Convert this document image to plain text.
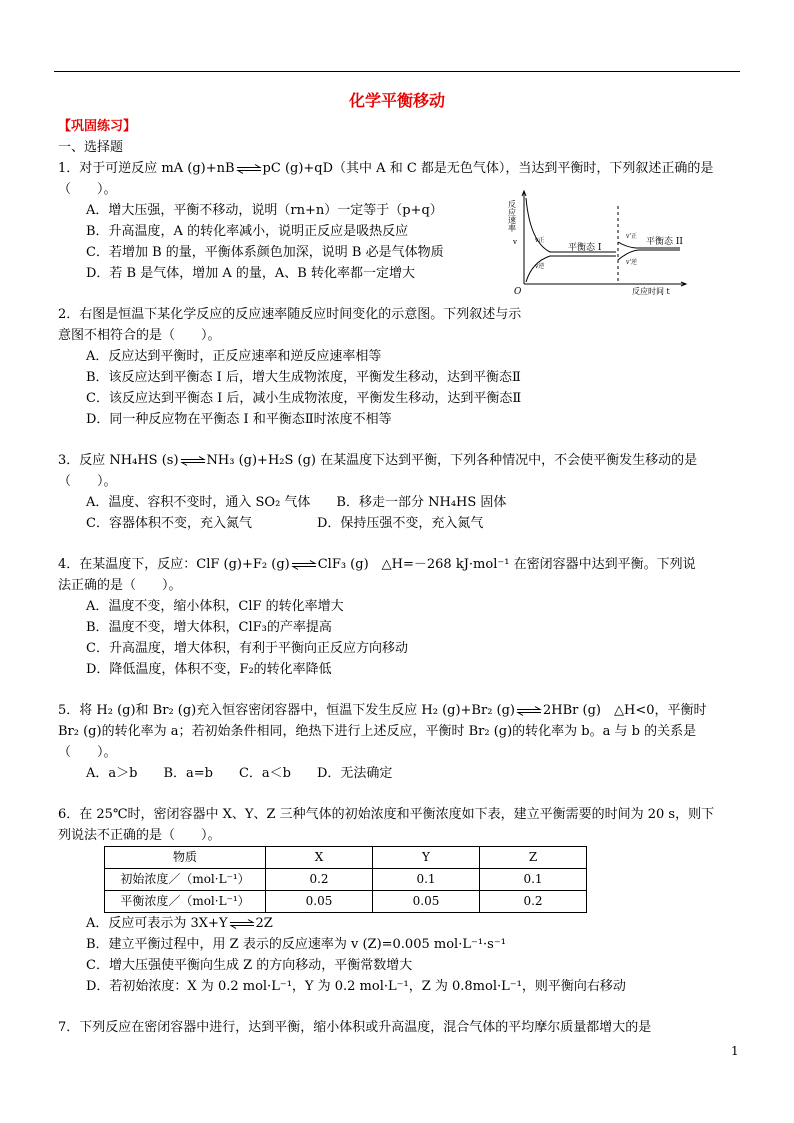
化学平衡移动
【巩固练习】
一、选择题

1．对于可逆反应 mA (g)+nB⇌pC (g)+qD（其中 A 和 C 都是无色气体），当达到平衡时，下列叙述正确的是

（　　）。

A．增大压强，平衡不移动，说明（rn+n）一定等于（p+q）

B．升高温度，A 的转化率减小，说明正反应是吸热反应

C．若增加 B 的量，平衡体系颜色加深，说明 B 必是气体物质

D．若 B 是气体，增加 A 的量，A、B 转化率都一定增大

2．右图是恒温下某化学反应的反应速率随反应时间变化的示意图。下列叙述与示

意图不相符合的是（　　）。

A．反应达到平衡时，正反应速率和逆反应速率相等

B．该反应达到平衡态 I 后，增大生成物浓度，平衡发生移动，达到平衡态Ⅱ

C．该反应达到平衡态 I 后，减小生成物浓度，平衡发生移动，达到平衡态Ⅱ

D．同一种反应物在平衡态 I 和平衡态Ⅱ时浓度不相等

3．反应 NH₄HS (s)⇌NH₃ (g)+H₂S (g) 在某温度下达到平衡，下列各种情况中，不会使平衡发生移动的是

（　　）。

A．温度、容积不变时，通入 SO₂ 气体　　B．移走一部分 NH₄HS 固体

C．容器体积不变，充入氮气　　　　　D．保持压强不变，充入氮气

4．在某温度下，反应：ClF (g)+F₂ (g)⇌ClF₃ (g)　△H=－268 kJ·mol⁻¹ 在密闭容器中达到平衡。下列说

法正确的是（　　）。

A．温度不变，缩小体积，ClF 的转化率增大

B．温度不变，增大体积，ClF₃的产率提高

C．升高温度，增大体积，有利于平衡向正反应方向移动

D．降低温度，体积不变，F₂的转化率降低

5．将 H₂ (g)和 Br₂ (g)充入恒容密闭容器中，恒温下发生反应 H₂ (g)+Br₂ (g)⇌2HBr (g)　△H<0，平衡时

Br₂ (g)的转化率为 a；若初始条件相同，绝热下进行上述反应，平衡时 Br₂ (g)的转化率为 b。a 与 b 的关系是

（　　）。

A．a＞b　　B．a=b　　C．a＜b　　D．无法确定

6．在 25℃时，密闭容器中 X、Y、Z 三种气体的初始浓度和平衡浓度如下表，建立平衡需要的时间为 20 s，则下

列说法不正确的是（　　）。

物质	X	Y	Z
初始浓度／（mol·L⁻¹）	0.2	0.1	0.1
平衡浓度／（mol·L⁻¹）	0.05	0.05	0.2

A．反应可表示为 3X+Y⇌2Z

B．建立平衡过程中，用 Z 表示的反应速率为 v (Z)=0.005 mol·L⁻¹·s⁻¹

C．增大压强使平衡向生成 Z 的方向移动，平衡常数增大

D．若初始浓度：X 为 0.2 mol·L⁻¹，Y 为 0.2 mol·L⁻¹，Z 为 0.8mol·L⁻¹，则平衡向右移动

7．下列反应在密闭容器中进行，达到平衡，缩小体积或升高温度，混合气体的平均摩尔质量都增大的是

反应速率
v
O	反应时间 t
v正
v逆
平衡态 I
v'正
v'逆
平衡态 II
1
